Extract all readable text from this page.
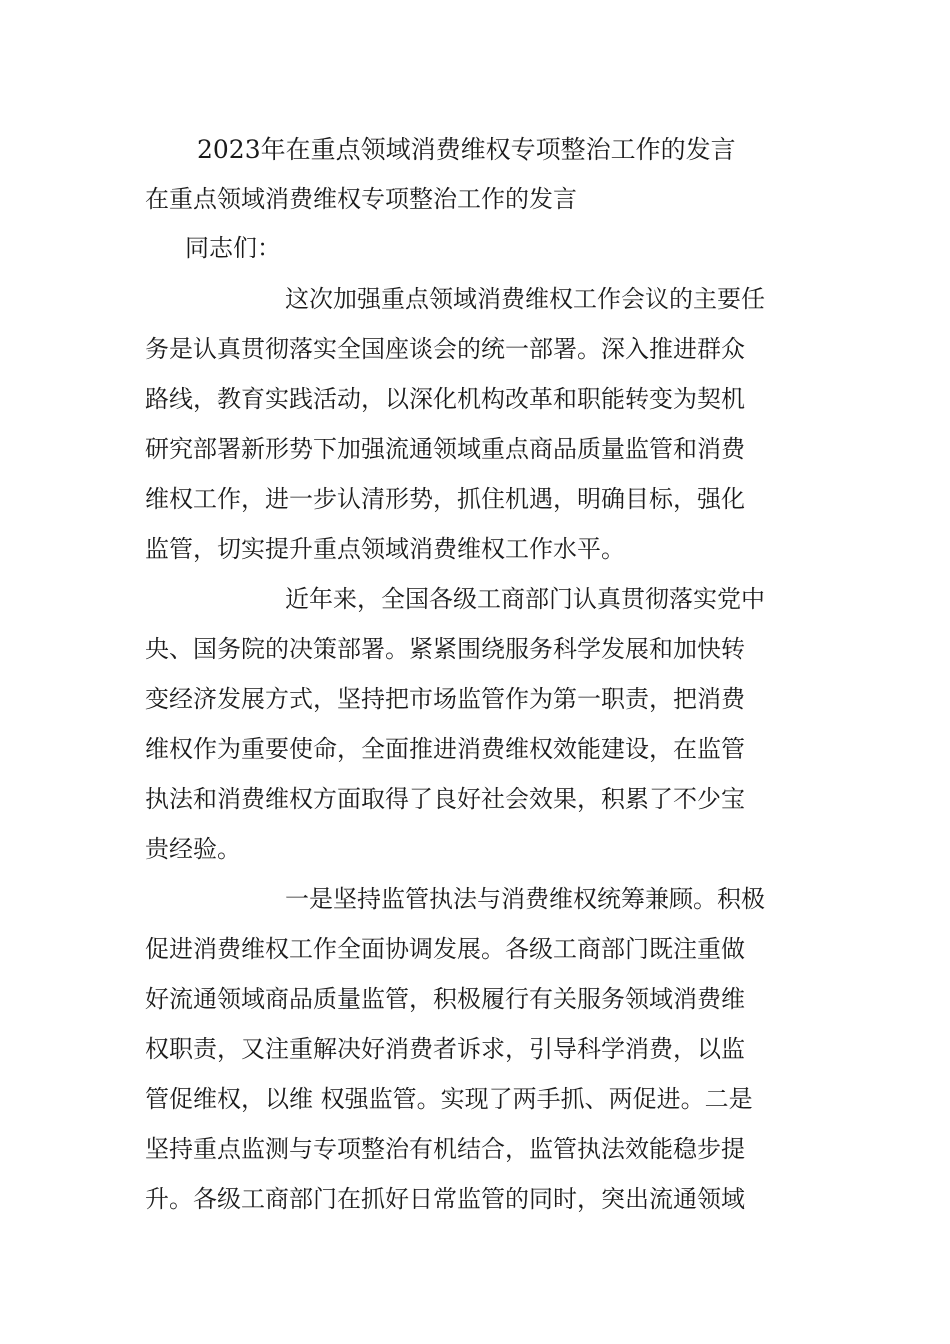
2023年在重点领域消费维权专项整治工作的发言
在重点领域消费维权专项整治工作的发言
同志们：
这次加强重点领域消费维权工作会议的主要任
务是认真贯彻落实全国座谈会的统一部署。深入推进群众
路线，教育实践活动，以深化机构改革和职能转变为契机
研究部署新形势下加强流通领域重点商品质量监管和消费
维权工作，进一步认清形势，抓住机遇，明确目标，强化
监管，切实提升重点领域消费维权工作水平。
近年来，全国各级工商部门认真贯彻落实党中
央、国务院的决策部署。紧紧围绕服务科学发展和加快转
变经济发展方式，坚持把市场监管作为第一职责，把消费
维权作为重要使命，全面推进消费维权效能建设，在监管
执法和消费维权方面取得了良好社会效果，积累了不少宝
贵经验。
一是坚持监管执法与消费维权统筹兼顾。积极
促进消费维权工作全面协调发展。各级工商部门既注重做
好流通领域商品质量监管，积极履行有关服务领域消费维
权职责，又注重解决好消费者诉求，引导科学消费，以监
管促维权，以维 权强监管。实现了两手抓、两促进。二是
坚持重点监测与专项整治有机结合，监管执法效能稳步提
升。各级工商部门在抓好日常监管的同时，突出流通领域
